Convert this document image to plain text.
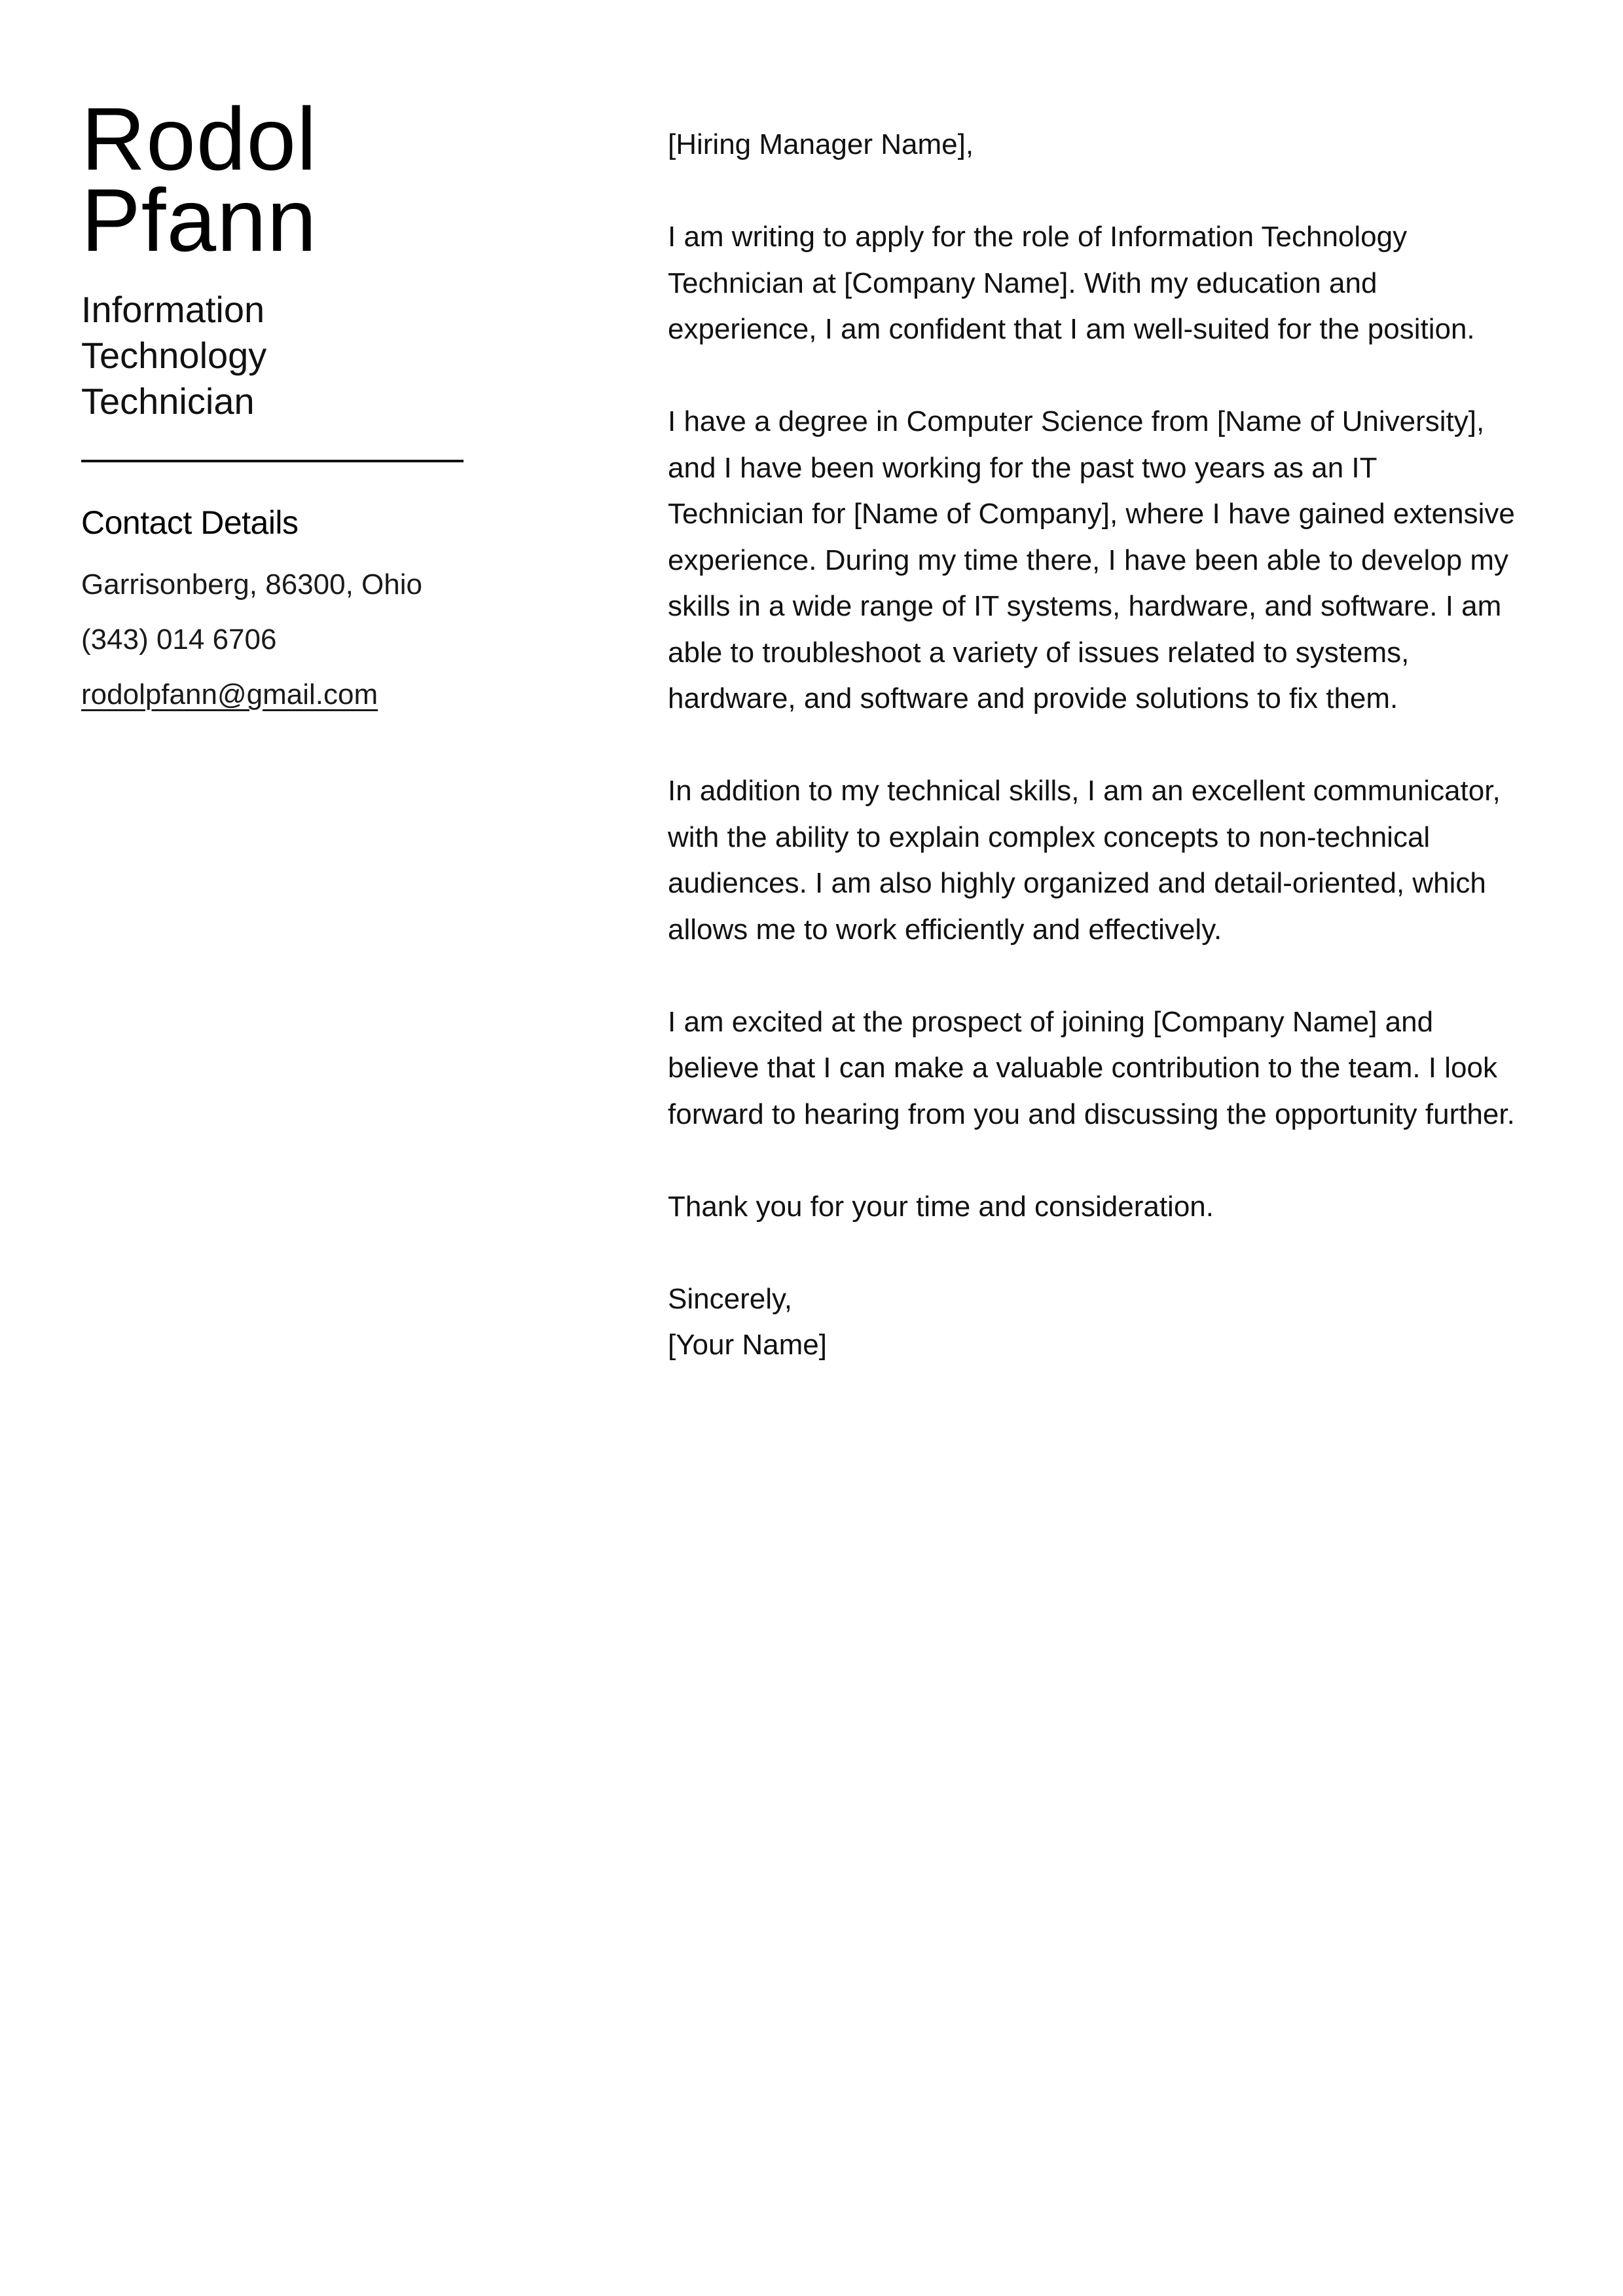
Rodol
Pfann
Information
Technology
Technician
Contact Details
Garrisonberg, 86300, Ohio
(343) 014 6706
rodolpfann@gmail.com

[Hiring Manager Name],

I am writing to apply for the role of Information Technology Technician at [Company Name]. With my education and experience, I am confident that I am well-suited for the position.

I have a degree in Computer Science from [Name of University], and I have been working for the past two years as an IT Technician for [Name of Company], where I have gained extensive experience. During my time there, I have been able to develop my skills in a wide range of IT systems, hardware, and software. I am able to troubleshoot a variety of issues related to systems, hardware, and software and provide solutions to fix them.

In addition to my technical skills, I am an excellent communicator, with the ability to explain complex concepts to non-technical audiences. I am also highly organized and detail-oriented, which allows me to work efficiently and effectively.

I am excited at the prospect of joining [Company Name] and believe that I can make a valuable contribution to the team. I look forward to hearing from you and discussing the opportunity further.

Thank you for your time and consideration.

Sincerely,
[Your Name]
